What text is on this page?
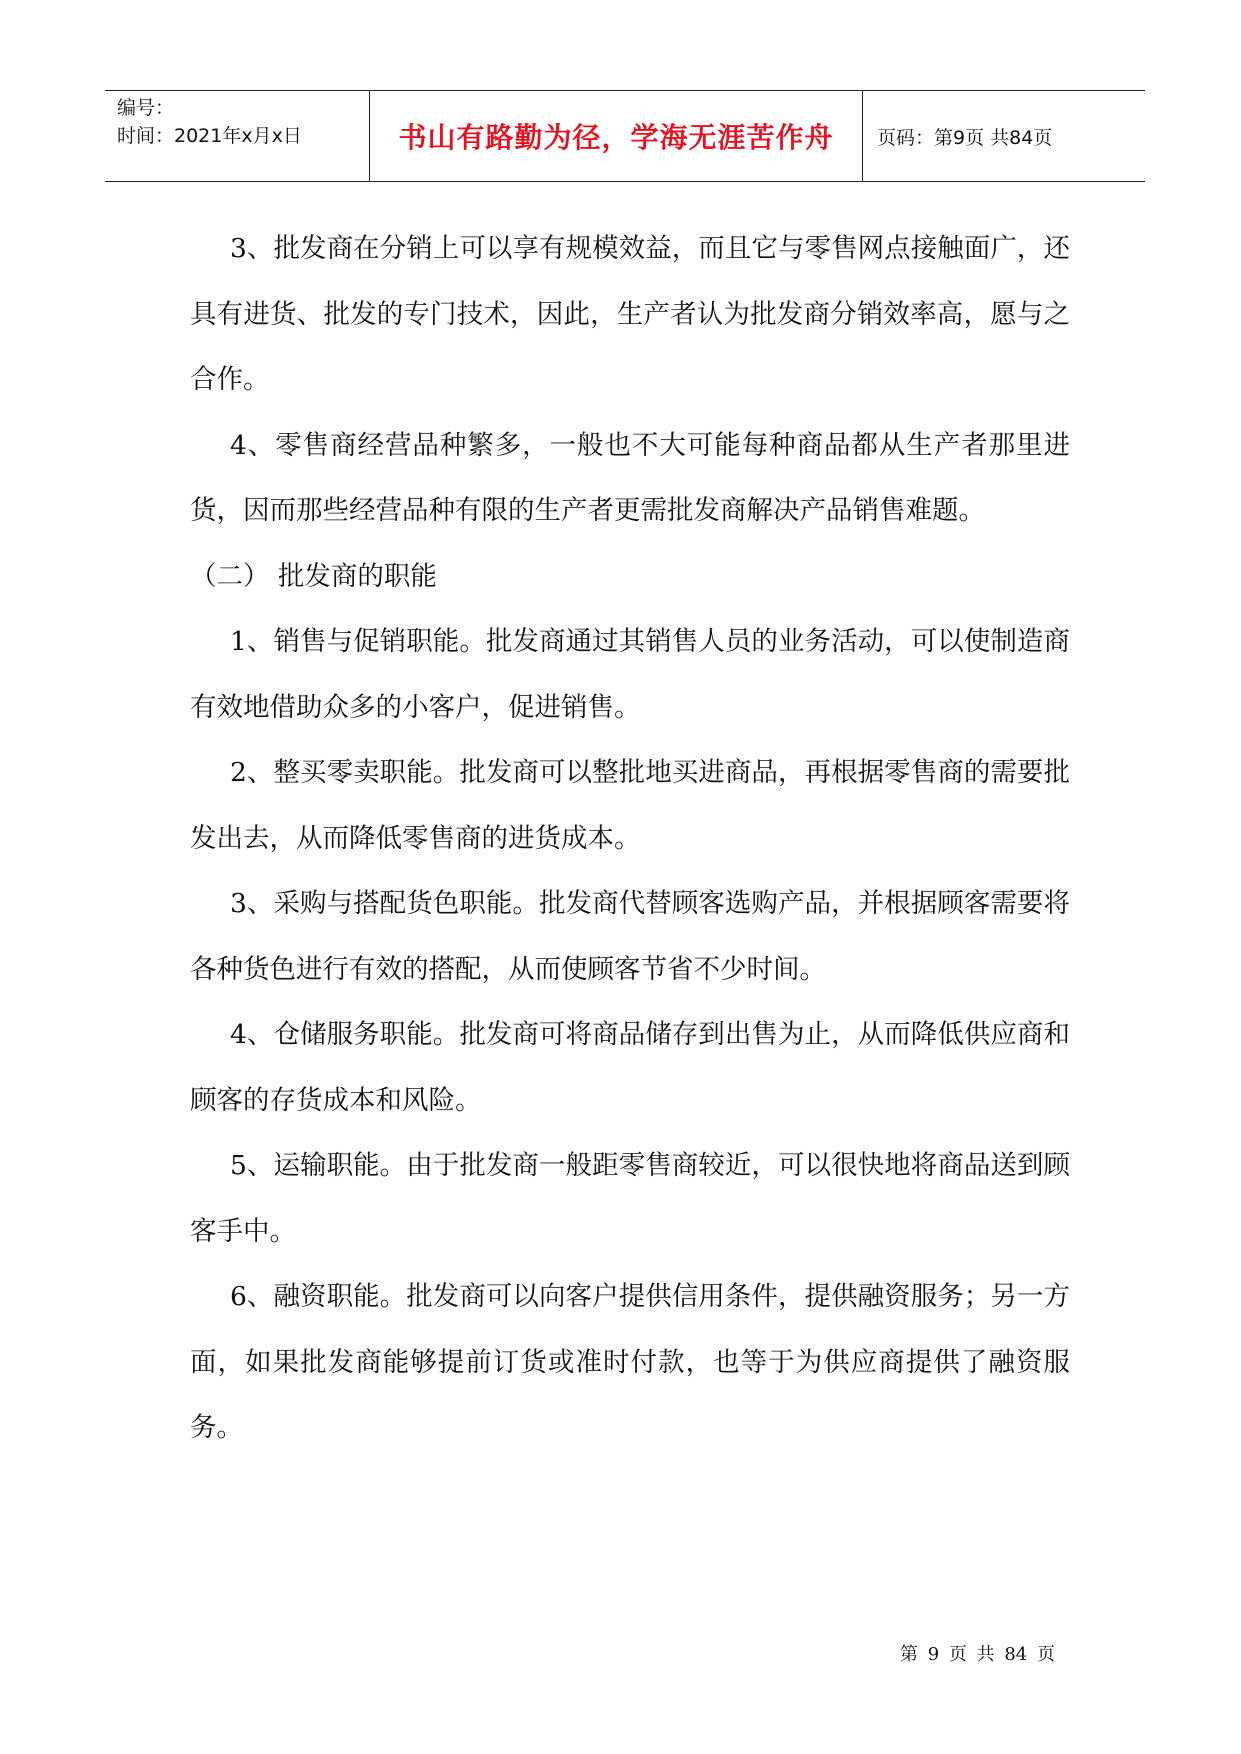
编号：
时间：2021年x月x日	书山有路勤为径，学海无涯苦作舟	页码：第9页 共84页

3、批发商在分销上可以享有规模效益，而且它与零售网点接触面广，还具有进货、批发的专门技术，因此，生产者认为批发商分销效率高，愿与之合作。

4、零售商经营品种繁多，一般也不大可能每种商品都从生产者那里进货，因而那些经营品种有限的生产者更需批发商解决产品销售难题。

（二） 批发商的职能

1、销售与促销职能。批发商通过其销售人员的业务活动，可以使制造商有效地借助众多的小客户，促进销售。

2、整买零卖职能。批发商可以整批地买进商品，再根据零售商的需要批发出去，从而降低零售商的进货成本。

3、采购与搭配货色职能。批发商代替顾客选购产品，并根据顾客需要将各种货色进行有效的搭配，从而使顾客节省不少时间。

4、仓储服务职能。批发商可将商品储存到出售为止，从而降低供应商和顾客的存货成本和风险。

5、运输职能。由于批发商一般距零售商较近，可以很快地将商品送到顾客手中。

6、融资职能。批发商可以向客户提供信用条件，提供融资服务；另一方面，如果批发商能够提前订货或准时付款，也等于为供应商提供了融资服务。

第 9 页 共 84 页
